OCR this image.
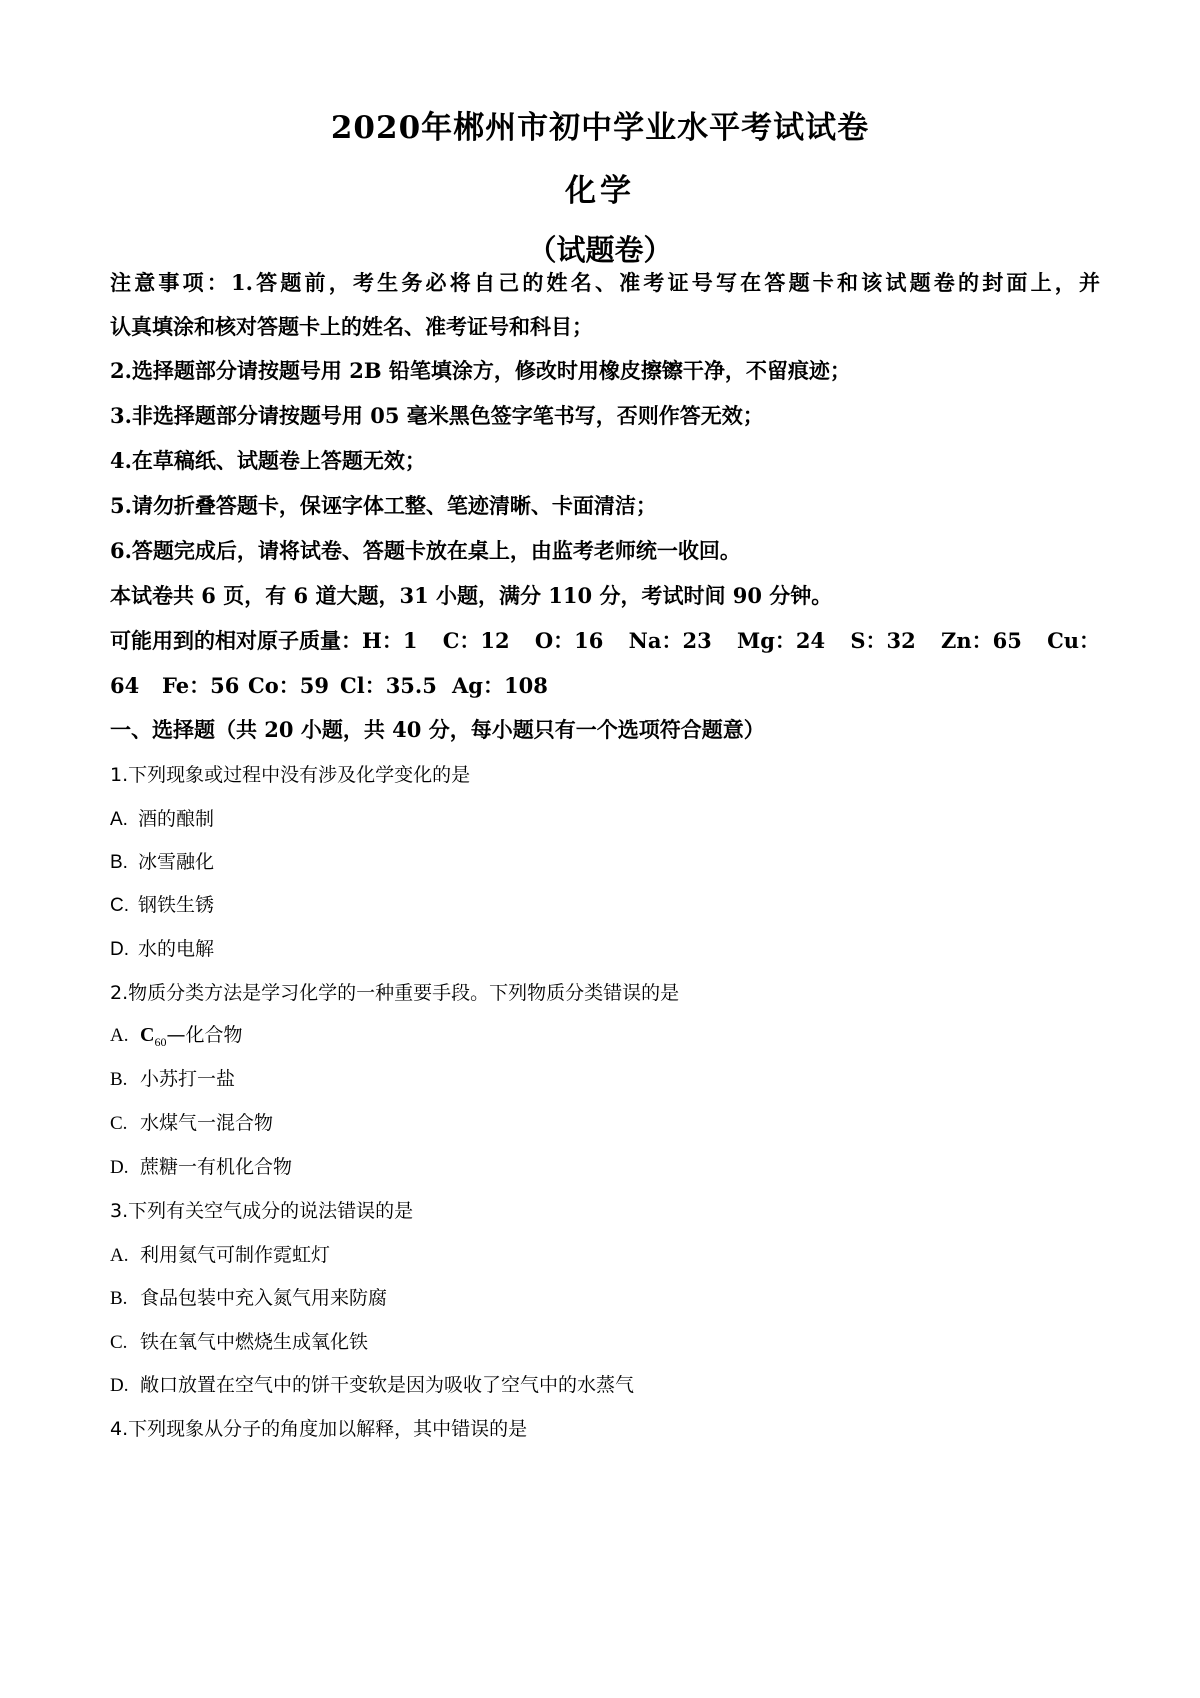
2020年郴州市初中学业水平考试试卷
化学
（试题卷）
注意事项：1.答题前，考生务必将自己的姓名、准考证号写在答题卡和该试题卷的封面上，并
认真填涂和核对答题卡上的姓名、准考证号和科目；
2.选择题部分请按题号用 2B 铅笔填涂方，修改时用橡皮擦镲干净，不留痕迹；
3.非选择题部分请按题号用 05 毫米黑色签字笔书写，否则作答无效；
4.在草稿纸、试题卷上答题无效；
5.请勿折叠答题卡，保诬字体工整、笔迹清晰、卡面清洁；
6.答题完成后，请将试卷、答题卡放在桌上，由监考老师统一收回。
本试卷共 6 页，有 6 道大题，31 小题，满分 110 分，考试时间 90 分钟。
可能用到的相对原子质量：H：1 C：12 O：16 Na：23 Mg：24 S：32 Zn：65 Cu：
64 Fe：56 Co：59 Cl：35.5 Ag：108
一、选择题（共 20 小题，共 40 分，每小题只有一个选项符合题意）
1.下列现象或过程中没有涉及化学变化的是
A. 酒的酿制
B. 冰雪融化
C. 钢铁生锈
D. 水的电解
2.物质分类方法是学习化学的一种重要手段。下列物质分类错误的是
A. $C_{60}—$化合物
B. 小苏打一盐
C. 水煤气一混合物
D. 蔗糖一有机化合物
3.下列有关空气成分的说法错误的是
A. 利用氦气可制作霓虹灯
B. 食品包装中充入氮气用来防腐
C. 铁在氧气中燃烧生成氧化铁
D. 敞口放置在空气中的饼干变软是因为吸收了空气中的水蒸气
4.下列现象从分子的角度加以解释，其中错误的是
